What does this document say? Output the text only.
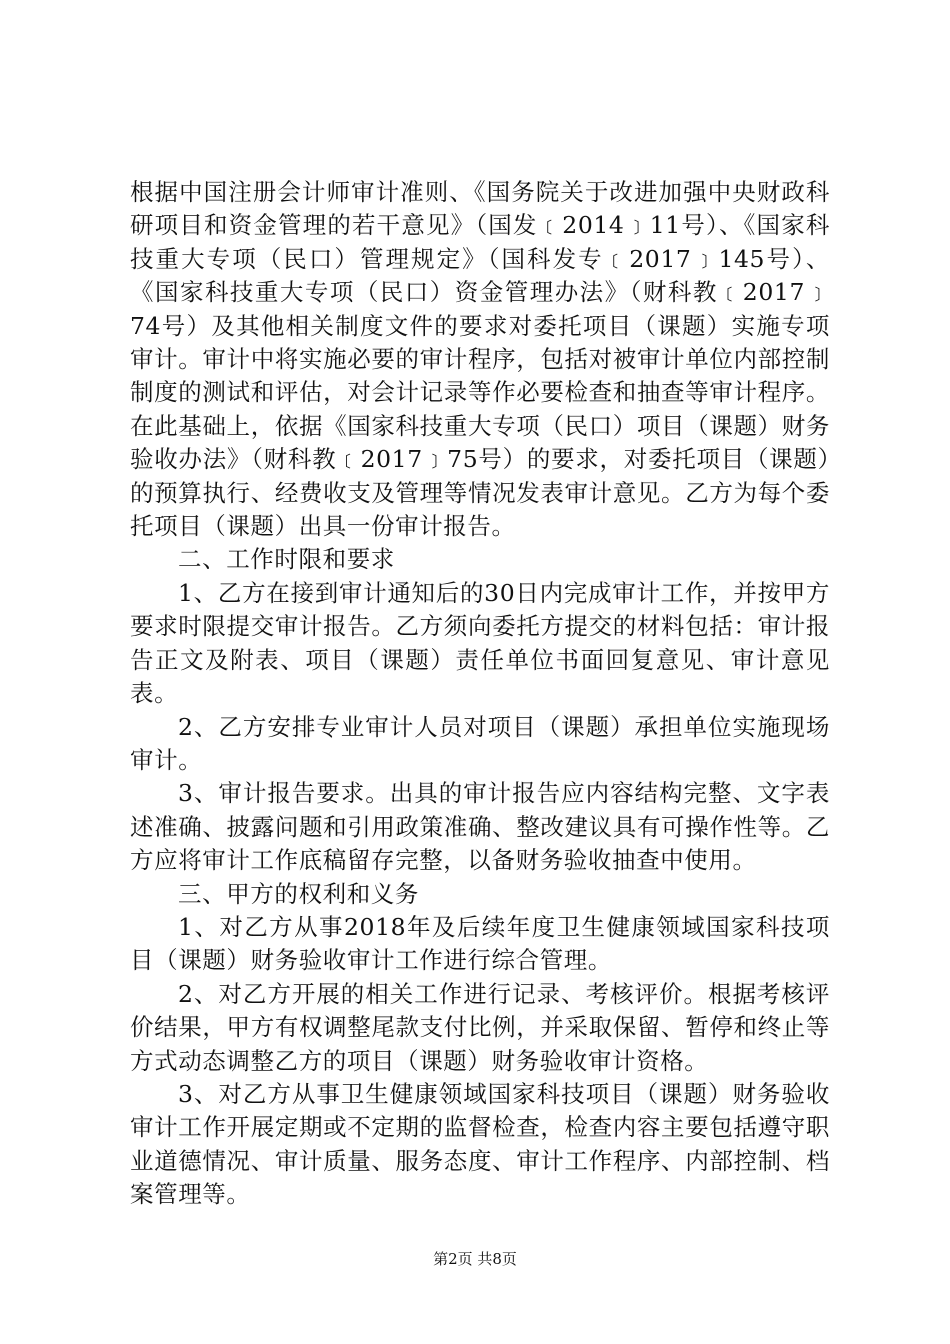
根据中国注册会计师审计准则、《国务院关于改进加强中央财政科研项目和资金管理的若干意见》（国发﹝2014﹞11号）、《国家科技重大专项（民口）管理规定》（国科发专﹝2017﹞145号）、《国家科技重大专项（民口）资金管理办法》（财科教﹝2017﹞74号）及其他相关制度文件的要求对委托项目（课题）实施专项审计。审计中将实施必要的审计程序，包括对被审计单位内部控制制度的测试和评估，对会计记录等作必要检查和抽查等审计程序。在此基础上，依据《国家科技重大专项（民口）项目（课题）财务验收办法》（财科教﹝2017﹞75号）的要求，对委托项目（课题）的预算执行、经费收支及管理等情况发表审计意见。乙方为每个委托项目（课题）出具一份审计报告。

二、工作时限和要求

1、乙方在接到审计通知后的30日内完成审计工作，并按甲方要求时限提交审计报告。乙方须向委托方提交的材料包括：审计报告正文及附表、项目（课题）责任单位书面回复意见、审计意见表。

2、乙方安排专业审计人员对项目（课题）承担单位实施现场审计。

3、审计报告要求。出具的审计报告应内容结构完整、文字表述准确、披露问题和引用政策准确、整改建议具有可操作性等。乙方应将审计工作底稿留存完整，以备财务验收抽查中使用。

三、甲方的权利和义务

1、对乙方从事2018年及后续年度卫生健康领域国家科技项目（课题）财务验收审计工作进行综合管理。

2、对乙方开展的相关工作进行记录、考核评价。根据考核评价结果，甲方有权调整尾款支付比例，并采取保留、暂停和终止等方式动态调整乙方的项目（课题）财务验收审计资格。

3、对乙方从事卫生健康领域国家科技项目（课题）财务验收审计工作开展定期或不定期的监督检查，检查内容主要包括遵守职业道德情况、审计质量、服务态度、审计工作程序、内部控制、档案管理等。

第2页 共8页
